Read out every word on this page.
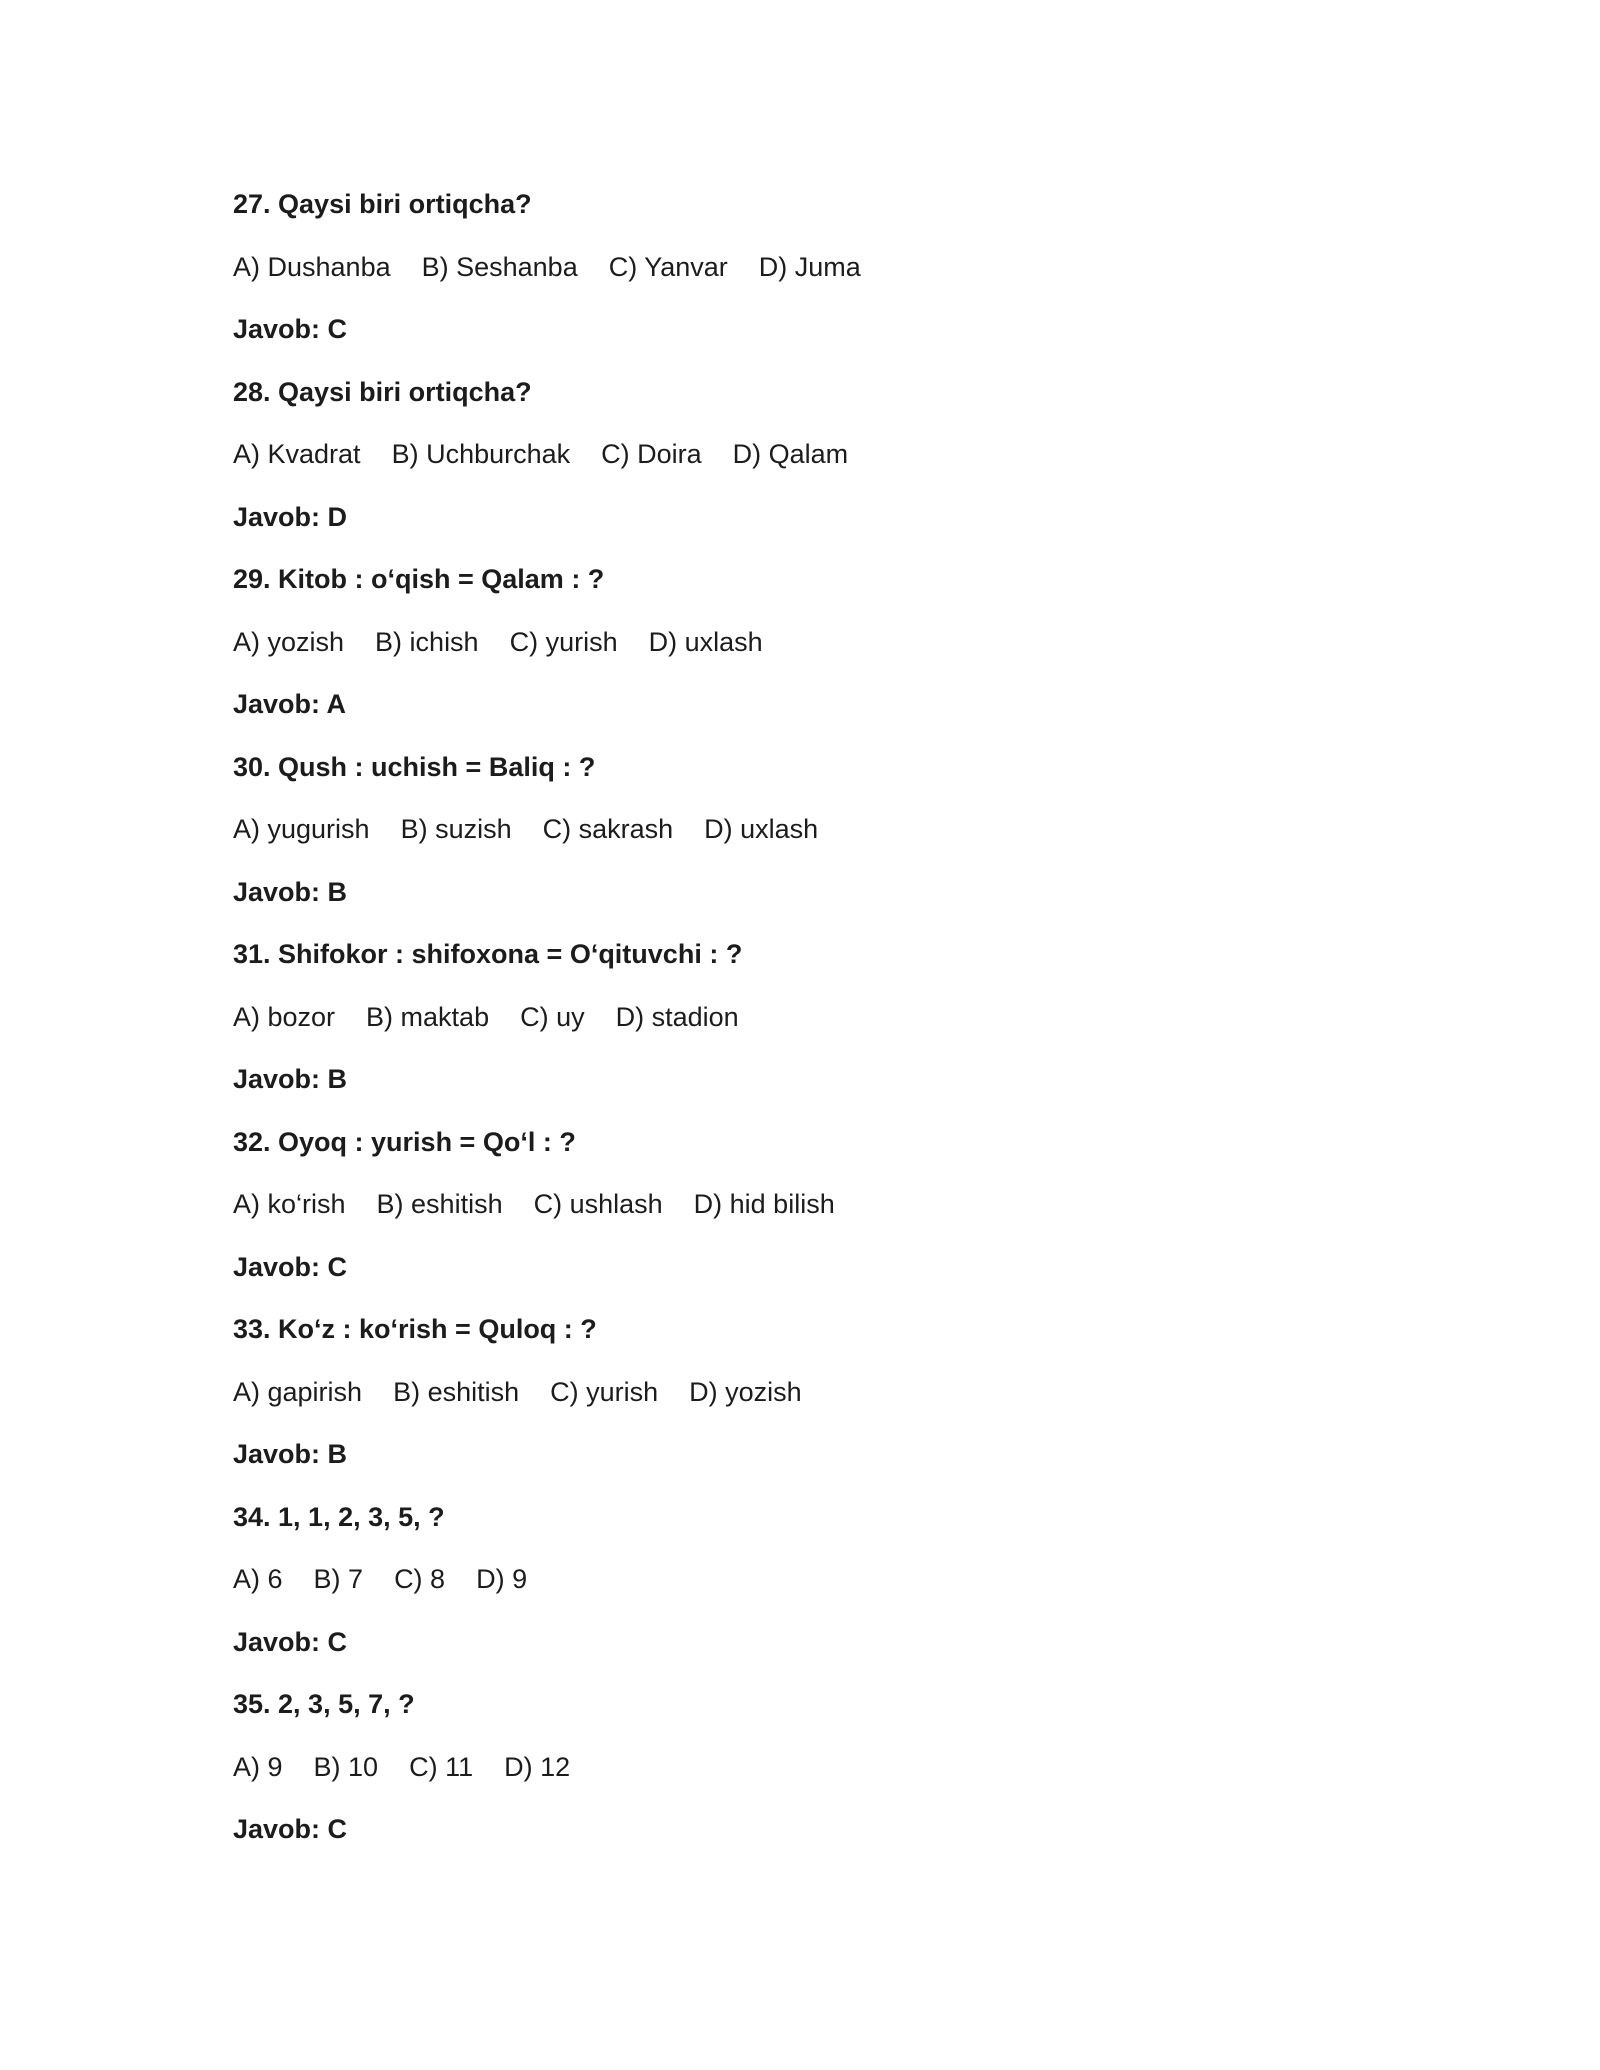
27. Qaysi biri ortiqcha?
A) Dushanba B) Seshanba C) Yanvar D) Juma
Javob: C
28. Qaysi biri ortiqcha?
A) Kvadrat B) Uchburchak C) Doira D) Qalam
Javob: D
29. Kitob : o‘qish = Qalam : ?
A) yozish B) ichish C) yurish D) uxlash
Javob: A
30. Qush : uchish = Baliq : ?
A) yugurish B) suzish C) sakrash D) uxlash
Javob: B
31. Shifokor : shifoxona = O‘qituvchi : ?
A) bozor B) maktab C) uy D) stadion
Javob: B
32. Oyoq : yurish = Qo‘l : ?
A) ko‘rish B) eshitish C) ushlash D) hid bilish
Javob: C
33. Ko‘z : ko‘rish = Quloq : ?
A) gapirish B) eshitish C) yurish D) yozish
Javob: B
34. 1, 1, 2, 3, 5, ?
A) 6 B) 7 C) 8 D) 9
Javob: C
35. 2, 3, 5, 7, ?
A) 9 B) 10 C) 11 D) 12
Javob: C
